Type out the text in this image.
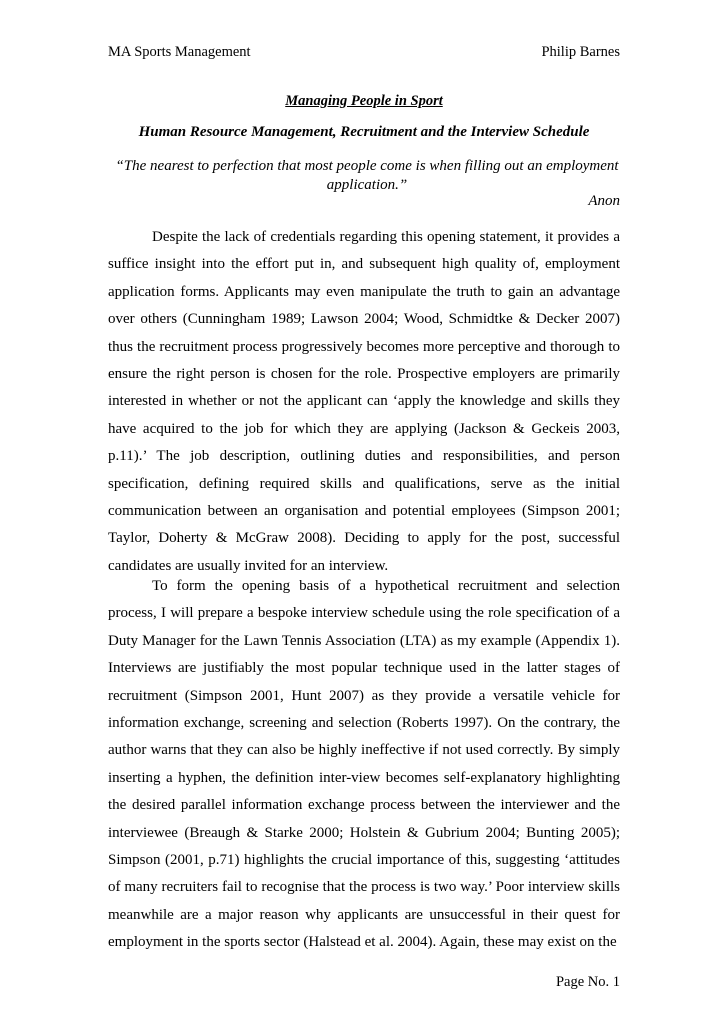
MA Sports Management	Philip Barnes
Managing People in Sport
Human Resource Management, Recruitment and the Interview Schedule
“The nearest to perfection that most people come is when filling out an employment application.”
Anon

Despite the lack of credentials regarding this opening statement, it provides a suffice insight into the effort put in, and subsequent high quality of, employment application forms. Applicants may even manipulate the truth to gain an advantage over others (Cunningham 1989; Lawson 2004; Wood, Schmidtke & Decker 2007) thus the recruitment process progressively becomes more perceptive and thorough to ensure the right person is chosen for the role. Prospective employers are primarily interested in whether or not the applicant can ‘apply the knowledge and skills they have acquired to the job for which they are applying (Jackson & Geckeis 2003, p.11).’ The job description, outlining duties and responsibilities, and person specification, defining required skills and qualifications, serve as the initial communication between an organisation and potential employees (Simpson 2001; Taylor, Doherty & McGraw 2008). Deciding to apply for the post, successful candidates are usually invited for an interview.

To form the opening basis of a hypothetical recruitment and selection process, I will prepare a bespoke interview schedule using the role specification of a Duty Manager for the Lawn Tennis Association (LTA) as my example (Appendix 1). Interviews are justifiably the most popular technique used in the latter stages of recruitment (Simpson 2001, Hunt 2007) as they provide a versatile vehicle for information exchange, screening and selection (Roberts 1997). On the contrary, the author warns that they can also be highly ineffective if not used correctly. By simply inserting a hyphen, the definition inter-view becomes self-explanatory highlighting the desired parallel information exchange process between the interviewer and the interviewee (Breaugh & Starke 2000; Holstein & Gubrium 2004; Bunting 2005); Simpson (2001, p.71) highlights the crucial importance of this, suggesting ‘attitudes of many recruiters fail to recognise that the process is two way.’ Poor interview skills meanwhile are a major reason why applicants are unsuccessful in their quest for employment in the sports sector (Halstead et al. 2004). Again, these may exist on the

Page No. 1
